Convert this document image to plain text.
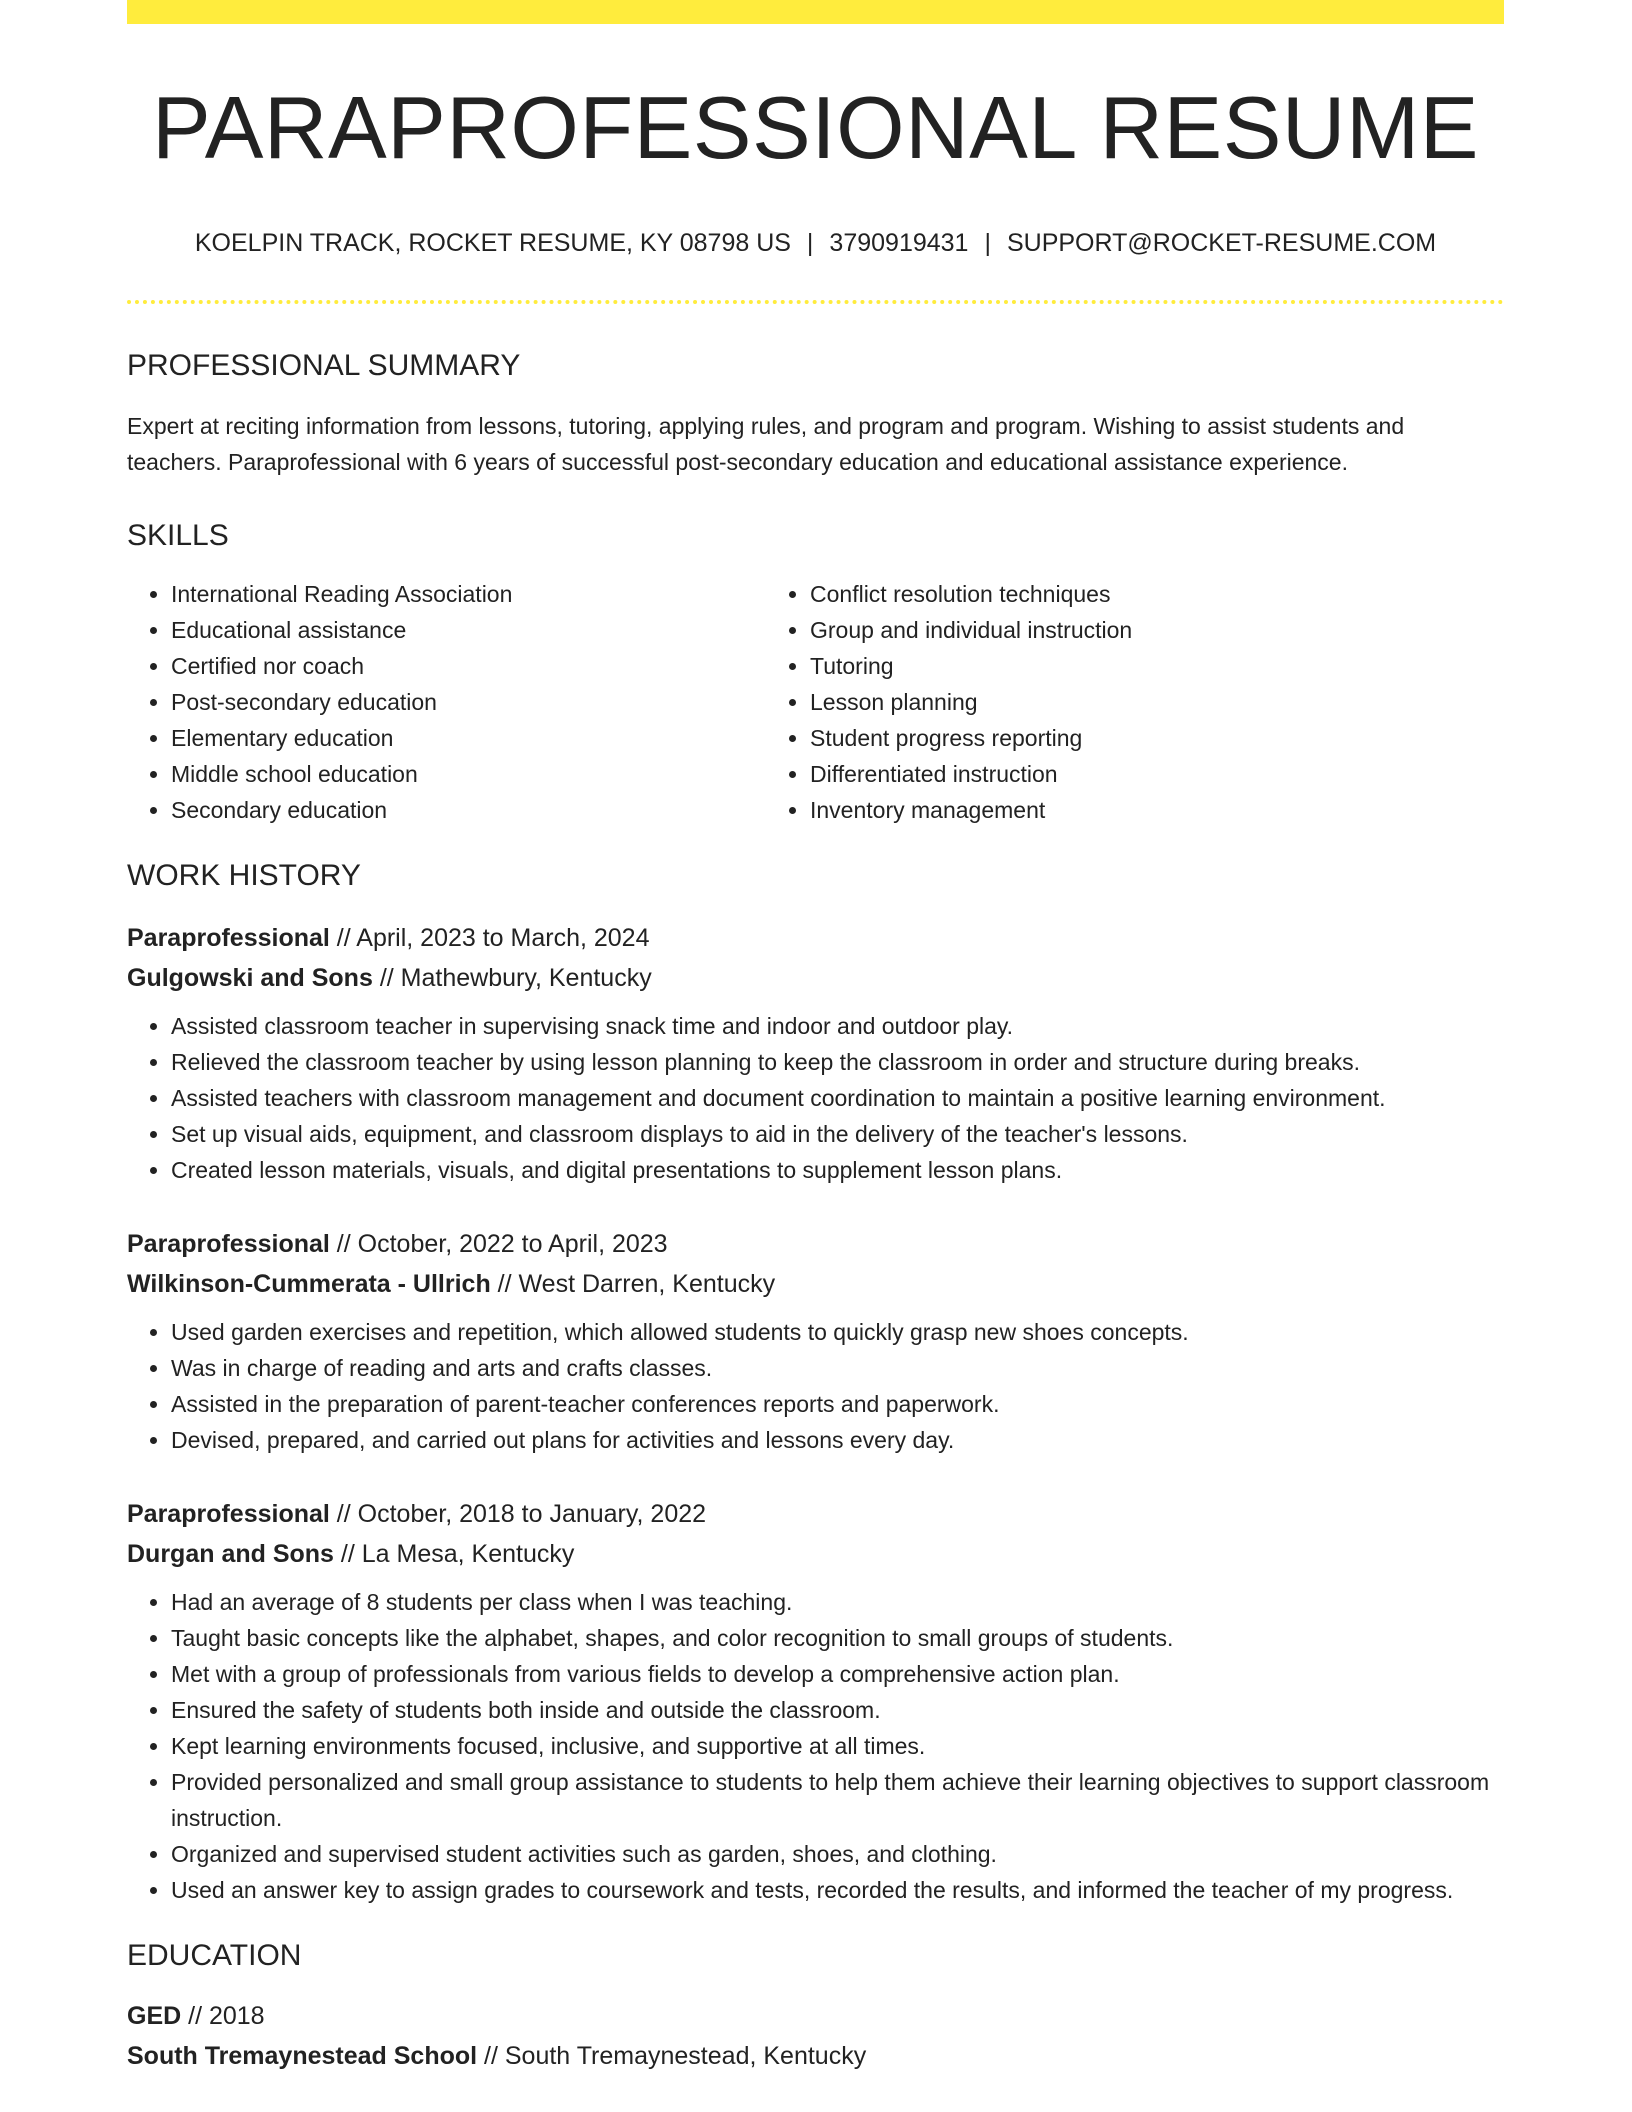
PARAPROFESSIONAL RESUME
KOELPIN TRACK, ROCKET RESUME, KY 08798 US | 3790919431 | SUPPORT@ROCKET-RESUME.COM
PROFESSIONAL SUMMARY
Expert at reciting information from lessons, tutoring, applying rules, and program and program. Wishing to assist students and teachers. Paraprofessional with 6 years of successful post-secondary education and educational assistance experience.
SKILLS
• International Reading Association
• Educational assistance
• Certified nor coach
• Post-secondary education
• Elementary education
• Middle school education
• Secondary education
• Conflict resolution techniques
• Group and individual instruction
• Tutoring
• Lesson planning
• Student progress reporting
• Differentiated instruction
• Inventory management
WORK HISTORY
Paraprofessional // April, 2023 to March, 2024
Gulgowski and Sons // Mathewbury, Kentucky
• Assisted classroom teacher in supervising snack time and indoor and outdoor play.
• Relieved the classroom teacher by using lesson planning to keep the classroom in order and structure during breaks.
• Assisted teachers with classroom management and document coordination to maintain a positive learning environment.
• Set up visual aids, equipment, and classroom displays to aid in the delivery of the teacher's lessons.
• Created lesson materials, visuals, and digital presentations to supplement lesson plans.
Paraprofessional // October, 2022 to April, 2023
Wilkinson-Cummerata - Ullrich // West Darren, Kentucky
• Used garden exercises and repetition, which allowed students to quickly grasp new shoes concepts.
• Was in charge of reading and arts and crafts classes.
• Assisted in the preparation of parent-teacher conferences reports and paperwork.
• Devised, prepared, and carried out plans for activities and lessons every day.
Paraprofessional // October, 2018 to January, 2022
Durgan and Sons // La Mesa, Kentucky
• Had an average of 8 students per class when I was teaching.
• Taught basic concepts like the alphabet, shapes, and color recognition to small groups of students.
• Met with a group of professionals from various fields to develop a comprehensive action plan.
• Ensured the safety of students both inside and outside the classroom.
• Kept learning environments focused, inclusive, and supportive at all times.
• Provided personalized and small group assistance to students to help them achieve their learning objectives to support classroom instruction.
• Organized and supervised student activities such as garden, shoes, and clothing.
• Used an answer key to assign grades to coursework and tests, recorded the results, and informed the teacher of my progress.
EDUCATION
GED // 2018
South Tremaynestead School // South Tremaynestead, Kentucky
